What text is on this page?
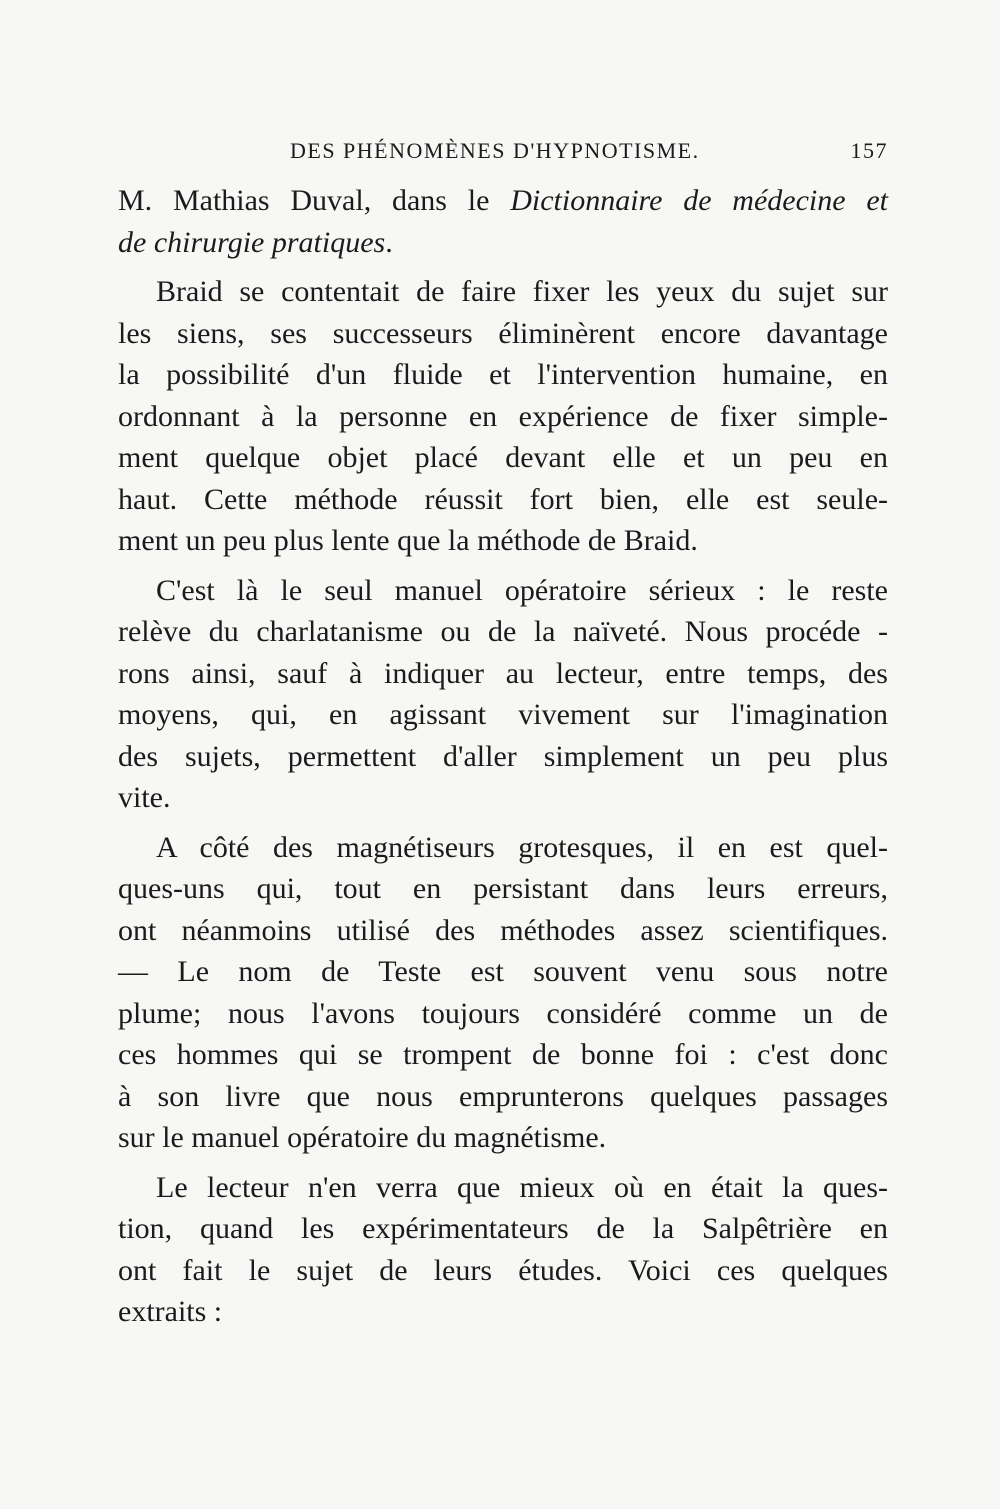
DES PHÉNOMÈNES D'HYPNOTISME.	157

M. Mathias Duval, dans le Dictionnaire de médecine et
de chirurgie pratiques.

Braid se contentait de faire fixer les yeux du sujet sur
les siens, ses successeurs éliminèrent encore davantage
la possibilité d'un fluide et l'intervention humaine, en
ordonnant à la personne en expérience de fixer simple-
ment quelque objet placé devant elle et un peu en
haut. Cette méthode réussit fort bien, elle est seule-
ment un peu plus lente que la méthode de Braid.

C'est là le seul manuel opératoire sérieux : le reste
relève du charlatanisme ou de la naïveté. Nous procéde -
rons ainsi, sauf à indiquer au lecteur, entre temps, des
moyens, qui, en agissant vivement sur l'imagination
des sujets, permettent d'aller simplement un peu plus
vite.

A côté des magnétiseurs grotesques, il en est quel-
ques-uns qui, tout en persistant dans leurs erreurs,
ont néanmoins utilisé des méthodes assez scientifiques.
— Le nom de Teste est souvent venu sous notre
plume; nous l'avons toujours considéré comme un de
ces hommes qui se trompent de bonne foi : c'est donc
à son livre que nous emprunterons quelques passages
sur le manuel opératoire du magnétisme.

Le lecteur n'en verra que mieux où en était la ques-
tion, quand les expérimentateurs de la Salpêtrière en
ont fait le sujet de leurs études. Voici ces quelques
extraits :
